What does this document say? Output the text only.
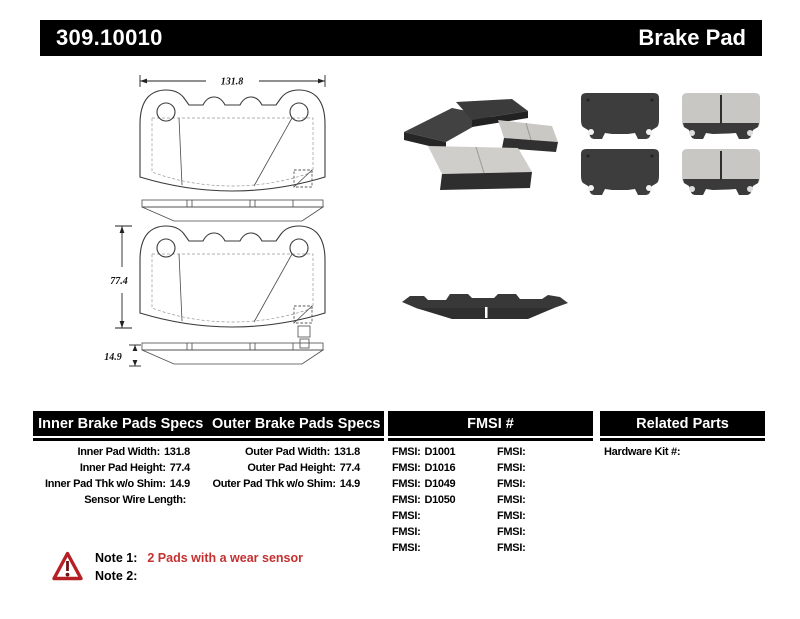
309.10010	Brake Pad
131.8
77.4
14.9
Inner Brake Pads Specs Outer Brake Pads Specs	FMSI #	Related Parts
Inner Pad Width: 131.8
Inner Pad Height: 77.4
Inner Pad Thk w/o Shim: 14.9
Sensor Wire Length:
Outer Pad Width: 131.8
Outer Pad Height: 77.4
Outer Pad Thk w/o Shim: 14.9
FMSI: D1001
FMSI: D1016
FMSI: D1049
FMSI: D1050
FMSI:
FMSI:
FMSI:
FMSI:
FMSI:
FMSI:
FMSI:
FMSI:
FMSI:
FMSI:
Hardware Kit #:
Note 1: 2 Pads with a wear sensor
Note 2:
